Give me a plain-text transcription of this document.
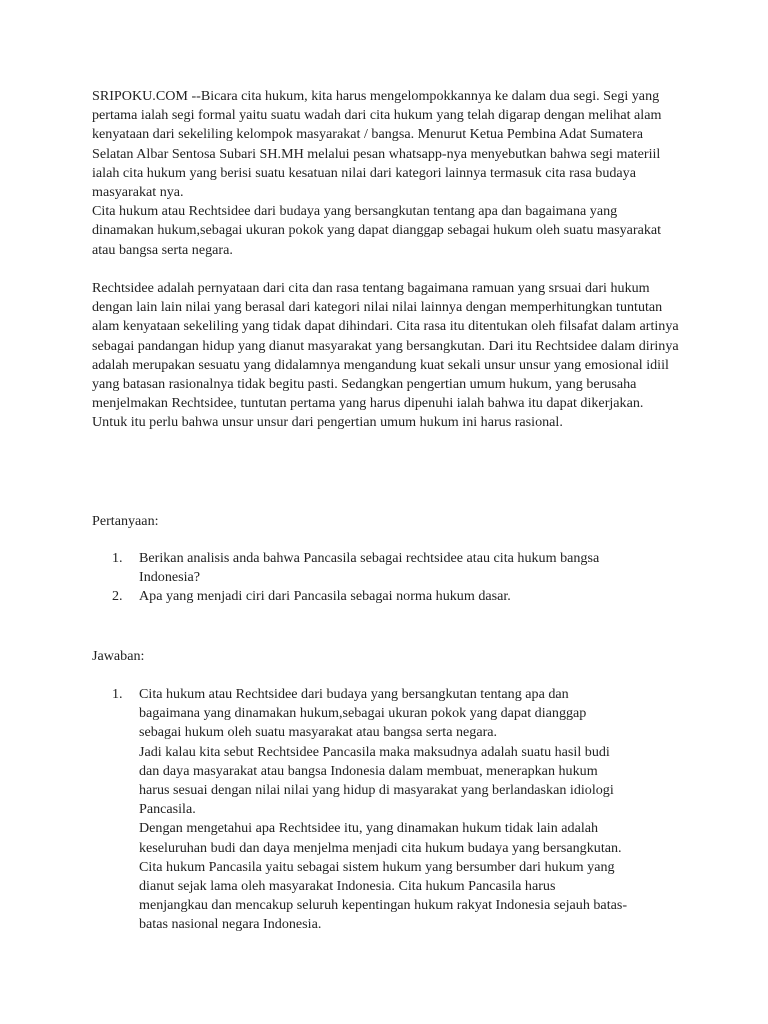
SRIPOKU.COM --Bicara cita hukum, kita harus mengelompokkannya ke dalam dua segi. Segi yang pertama ialah segi formal yaitu suatu wadah dari cita hukum yang telah digarap dengan melihat alam kenyataan dari sekeliling kelompok masyarakat / bangsa. Menurut Ketua Pembina Adat Sumatera Selatan Albar Sentosa Subari SH.MH melalui pesan whatsapp-nya menyebutkan bahwa segi materiil ialah cita hukum yang berisi suatu kesatuan nilai dari kategori lainnya termasuk cita rasa budaya masyarakat nya.

Cita hukum atau Rechtsidee dari budaya yang bersangkutan tentang apa dan bagaimana yang dinamakan hukum,sebagai ukuran pokok yang dapat dianggap sebagai hukum oleh suatu masyarakat atau bangsa serta negara.

Rechtsidee adalah pernyataan dari cita dan rasa tentang bagaimana ramuan yang srsuai dari hukum dengan lain lain nilai yang berasal dari kategori nilai nilai lainnya dengan memperhitungkan tuntutan alam kenyataan sekeliling yang tidak dapat dihindari. Cita rasa itu ditentukan oleh filsafat dalam artinya sebagai pandangan hidup yang dianut masyarakat yang bersangkutan. Dari itu Rechtsidee dalam dirinya adalah merupakan sesuatu yang didalamnya mengandung kuat sekali unsur unsur yang emosional idiil yang batasan rasionalnya tidak begitu pasti. Sedangkan pengertian umum hukum, yang berusaha menjelmakan Rechtsidee, tuntutan pertama yang harus dipenuhi ialah bahwa itu dapat dikerjakan. Untuk itu perlu bahwa unsur unsur dari pengertian umum hukum ini harus rasional.

Pertanyaan:

1. Berikan analisis anda bahwa Pancasila sebagai rechtsidee atau cita hukum bangsa
Indonesia?
2. Apa yang menjadi ciri dari Pancasila sebagai norma hukum dasar.

Jawaban:

1. Cita hukum atau Rechtsidee dari budaya yang bersangkutan tentang apa dan
bagaimana yang dinamakan hukum,sebagai ukuran pokok yang dapat dianggap
sebagai hukum oleh suatu masyarakat atau bangsa serta negara.
Jadi kalau kita sebut Rechtsidee Pancasila maka maksudnya adalah suatu hasil budi
dan daya masyarakat atau bangsa Indonesia dalam membuat, menerapkan hukum
harus sesuai dengan nilai nilai yang hidup di masyarakat yang berlandaskan idiologi
Pancasila.
Dengan mengetahui apa Rechtsidee itu, yang dinamakan hukum tidak lain adalah
keseluruhan budi dan daya menjelma menjadi cita hukum budaya yang bersangkutan.
Cita hukum Pancasila yaitu sebagai sistem hukum yang bersumber dari hukum yang
dianut sejak lama oleh masyarakat Indonesia. Cita hukum Pancasila harus
menjangkau dan mencakup seluruh kepentingan hukum rakyat Indonesia sejauh batas-
batas nasional negara Indonesia.
